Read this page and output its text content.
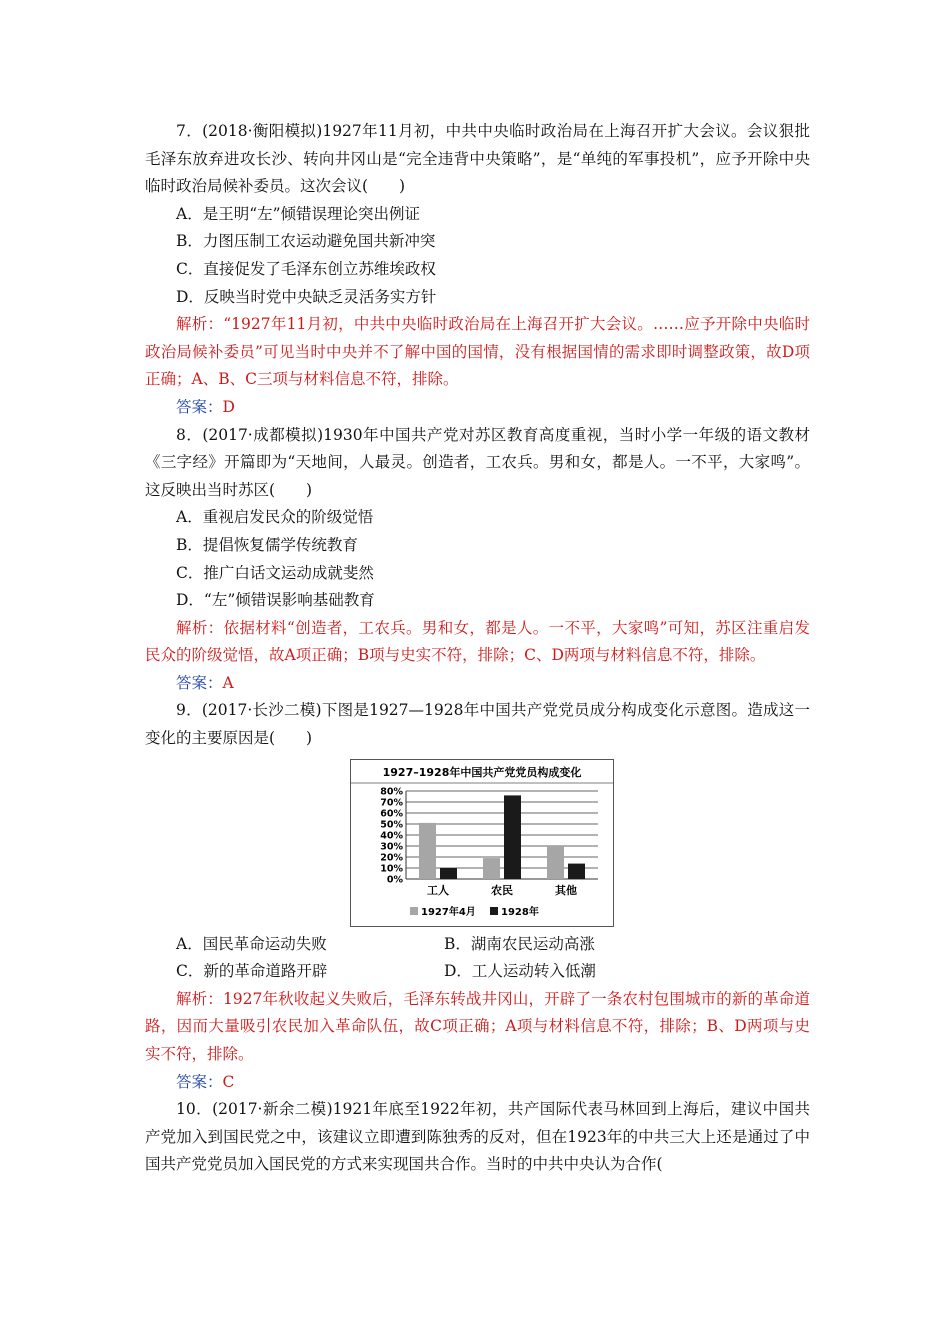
7．(2018·衡阳模拟)1927年11月初，中共中央临时政治局在上海召开扩大会议。会议狠批毛泽东放弃进攻长沙、转向井冈山是“完全违背中央策略”，是“单纯的军事投机”，应予开除中央临时政治局候补委员。这次会议(　　)

A．是王明“左”倾错误理论突出例证

B．力图压制工农运动避免国共新冲突

C．直接促发了毛泽东创立苏维埃政权

D．反映当时党中央缺乏灵活务实方针

解析：“1927年11月初，中共中央临时政治局在上海召开扩大会议。……应予开除中央临时政治局候补委员”可见当时中央并不了解中国的国情，没有根据国情的需求即时调整政策，故D项正确；A、B、C三项与材料信息不符，排除。

答案：D

8．(2017·成都模拟)1930年中国共产党对苏区教育高度重视，当时小学一年级的语文教材《三字经》开篇即为“天地间，人最灵。创造者，工农兵。男和女，都是人。一不平，大家鸣”。这反映出当时苏区(　　)

A．重视启发民众的阶级觉悟

B．提倡恢复儒学传统教育

C．推广白话文运动成就斐然

D．“左”倾错误影响基础教育

解析：依据材料“创造者，工农兵。男和女，都是人。一不平，大家鸣”可知，苏区注重启发民众的阶级觉悟，故A项正确；B项与史实不符，排除；C、D两项与材料信息不符，排除。

答案：A

9．(2017·长沙二模)下图是1927—1928年中国共产党党员成分构成变化示意图。造成这一变化的主要原因是(　　)

1927–1928年中国共产党党员构成变化
0%
10%
20%
30%
40%
50%
60%
70%
80%
工人	农民	其他
1927年4月	1928年
A．国民革命运动失败	B．湖南农民运动高涨
C．新的革命道路开辟	D．工人运动转入低潮

解析：1927年秋收起义失败后，毛泽东转战井冈山，开辟了一条农村包围城市的新的革命道路，因而大量吸引农民加入革命队伍，故C项正确；A项与材料信息不符，排除；B、D两项与史实不符，排除。

答案：C

10．(2017·新余二模)1921年底至1922年初，共产国际代表马林回到上海后，建议中国共产党加入到国民党之中，该建议立即遭到陈独秀的反对，但在1923年的中共三大上还是通过了中国共产党党员加入国民党的方式来实现国共合作。当时的中共中央认为合作(
